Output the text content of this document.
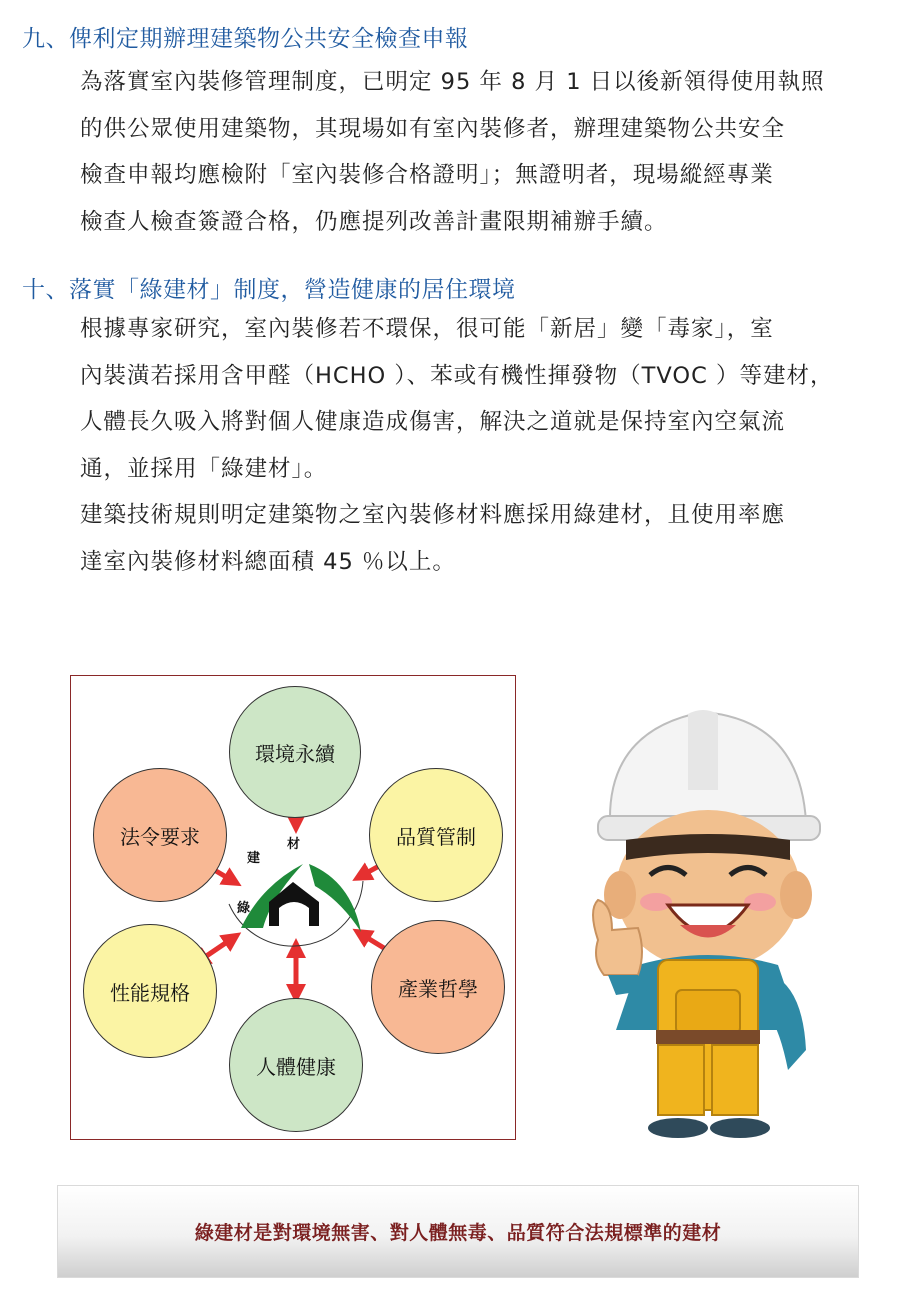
九、俾利定期辦理建築物公共安全檢查申報

為落實室內裝修管理制度，已明定 95 年 8 月 1 日以後新領得使用執照

的供公眾使用建築物，其現場如有室內裝修者，辦理建築物公共安全

檢查申報均應檢附「室內裝修合格證明」；無證明者，現場縱經專業

檢查人檢查簽證合格，仍應提列改善計畫限期補辦手續。

十、落實「綠建材」制度，營造健康的居住環境

根據專家研究，室內裝修若不環保，很可能「新居」變「毒家」，室

內裝潢若採用含甲醛（HCHO ）、苯或有機性揮發物（TVOC ）等建材，

人體長久吸入將對個人健康造成傷害，解決之道就是保持室內空氣流

通，並採用「綠建材」。

建築技術規則明定建築物之室內裝修材料應採用綠建材，且使用率應

達室內裝修材料總面積 45 ％以上。

綠
建
材
環境永續
法令要求	品質管制
性能規格	產業哲學
人體健康
綠建材是對環境無害、對人體無毒、品質符合法規標準的建材
